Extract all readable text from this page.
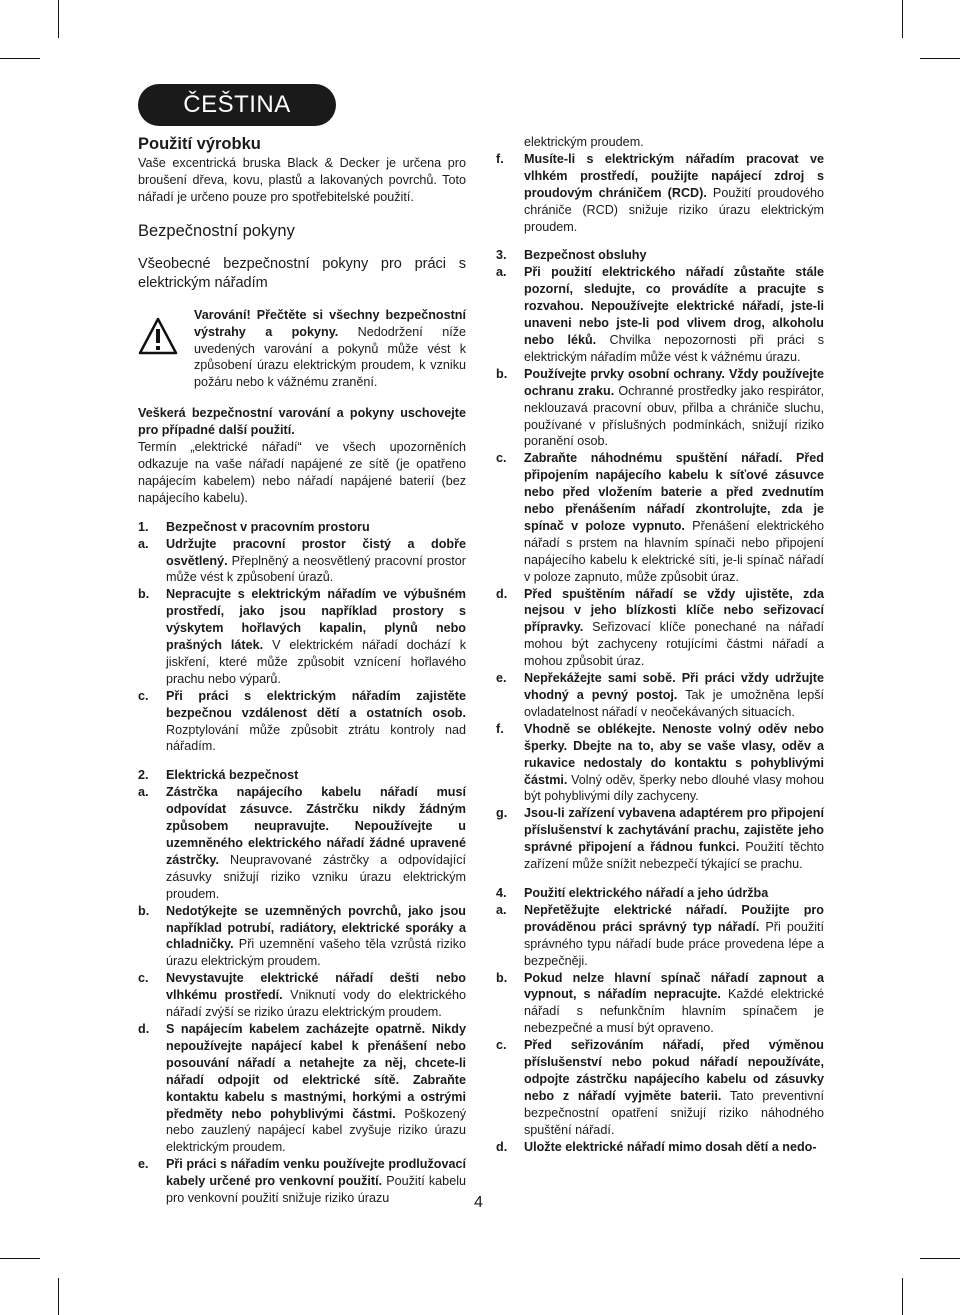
ČEŠTINA

Použití výrobku

Vaše excentrická bruska Black & Decker je určena pro broušení dřeva, kovu, plastů a lakovaných povrchů. Toto nářadí je určeno pouze pro spotřebitelské použití.

Bezpečnostní pokyny

Všeobecné bezpečnostní pokyny pro práci s elektrickým nářadím

Varování! Přečtěte si všechny bezpečnostní výstrahy a pokyny. Nedodržení níže uvedených varování a pokynů může vést k způsobení úrazu elektrickým proudem, k vzniku požáru nebo k vážnému zranění.

Veškerá bezpečnostní varování a pokyny uschovejte pro případné další použití.

Termín „elektrické nářadí“ ve všech upozorněních odkazuje na vaše nářadí napájené ze sítě (je opatřeno napájecím kabelem) nebo nářadí napájené baterií (bez napájecího kabelu).

1.	Bezpečnost v pracovním prostoru
a.	Udržujte pracovní prostor čistý a dobře osvětlený. Přeplněný a neosvětlený pracovní prostor může vést k způsobení úrazů.
b.	Nepracujte s elektrickým nářadím ve výbušném prostředí, jako jsou například prostory s výskytem hořlavých kapalin, plynů nebo prašných látek. V elektrickém nářadí dochází k jiskření, které může způsobit vznícení hořlavého prachu nebo výparů.
c.	Při práci s elektrickým nářadím zajistěte bezpečnou vzdálenost dětí a ostatních osob. Rozptylování může způsobit ztrátu kontroly nad nářadím.
2.	Elektrická bezpečnost
a.	Zástrčka napájecího kabelu nářadí musí odpovídat zásuvce. Zástrčku nikdy žádným způsobem neupravujte. Nepoužívejte u uzemněného elektrického nářadí žádné upravené zástrčky. Neupravované zástrčky a odpovídající zásuvky snižují riziko vzniku úrazu elektrickým proudem.
b.	Nedotýkejte se uzemněných povrchů, jako jsou například potrubí, radiátory, elektrické sporáky a chladničky. Při uzemnění vašeho těla vzrůstá riziko úrazu elektrickým proudem.
c.	Nevystavujte elektrické nářadí dešti nebo vlhkému prostředí. Vniknutí vody do elektrického nářadí zvýší se riziko úrazu elektrickým proudem.
d.	S napájecím kabelem zacházejte opatrně. Nikdy nepoužívejte napájecí kabel k přenášení nebo posouvání nářadí a netahejte za něj, chcete-li nářadí odpojit od elektrické sítě. Zabraňte kontaktu kabelu s mastnými, horkými a ostrými předměty nebo pohyblivými částmi. Poškozený nebo zauzlený napájecí kabel zvyšuje riziko úrazu elektrickým proudem.
e.	Při práci s nářadím venku používejte prodlužovací kabely určené pro venkovní použití. Použití kabelu pro venkovní použití snižuje riziko úrazu
elektrickým proudem.
f.	Musíte-li s elektrickým nářadím pracovat ve vlhkém prostředí, použijte napájecí zdroj s proudovým chráničem (RCD). Použití proudového chrániče (RCD) snižuje riziko úrazu elektrickým proudem.
3.	Bezpečnost obsluhy
a.	Při použití elektrického nářadí zůstaňte stále pozorní, sledujte, co provádíte a pracujte s rozvahou. Nepoužívejte elektrické nářadí, jste-li unaveni nebo jste-li pod vlivem drog, alkoholu nebo léků. Chvilka nepozornosti při práci s elektrickým nářadím může vést k vážnému úrazu.
b.	Používejte prvky osobní ochrany. Vždy používejte ochranu zraku. Ochranné prostředky jako respirátor, neklouzavá pracovní obuv, přilba a chrániče sluchu, používané v příslušných podmínkách, snižují riziko poranění osob.
c.	Zabraňte náhodnému spuštění nářadí. Před připojením napájecího kabelu k síťové zásuvce nebo před vložením baterie a před zvednutím nebo přenášením nářadí zkontrolujte, zda je spínač v poloze vypnuto. Přenášení elektrického nářadí s prstem na hlavním spínači nebo připojení napájecího kabelu k elektrické síti, je-li spínač nářadí v poloze zapnuto, může způsobit úraz.
d.	Před spuštěním nářadí se vždy ujistěte, zda nejsou v jeho blízkosti klíče nebo seřizovací přípravky. Seřizovací klíče ponechané na nářadí mohou být zachyceny rotujícími částmi nářadí a mohou způsobit úraz.
e.	Nepřekážejte sami sobě. Při práci vždy udržujte vhodný a pevný postoj. Tak je umožněna lepší ovladatelnost nářadí v neočekávaných situacích.
f.	Vhodně se oblékejte. Nenoste volný oděv nebo šperky. Dbejte na to, aby se vaše vlasy, oděv a rukavice nedostaly do kontaktu s pohyblivými částmi. Volný oděv, šperky nebo dlouhé vlasy mohou být pohyblivými díly zachyceny.
g.	Jsou-li zařízení vybavena adaptérem pro připojení příslušenství k zachytávání prachu, zajistěte jeho správné připojení a řádnou funkci. Použití těchto zařízení může snížit nebezpečí týkající se prachu.
4.	Použití elektrického nářadí a jeho údržba
a.	Nepřetěžujte elektrické nářadí. Použijte pro prováděnou práci správný typ nářadí. Při použití správného typu nářadí bude práce provedena lépe a bezpečněji.
b.	Pokud nelze hlavní spínač nářadí zapnout a vypnout, s nářadím nepracujte. Každé elektrické nářadí s nefunkčním hlavním spínačem je nebezpečné a musí být opraveno.
c.	Před seřizováním nářadí, před výměnou příslušenství nebo pokud nářadí nepoužíváte, odpojte zástrčku napájecího kabelu od zásuvky nebo z nářadí vyjměte baterii. Tato preventivní bezpečnostní opatření snižují riziko náhodného spuštění nářadí.
d.	Uložte elektrické nářadí mimo dosah dětí a nedo-
4
